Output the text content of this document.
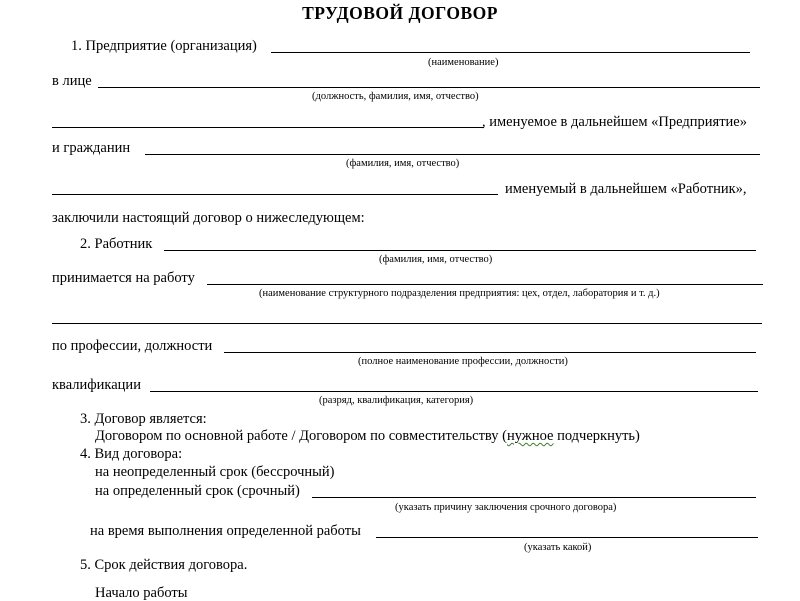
ТРУДОВОЙ ДОГОВОР
1. Предприятие (организация)
(наименование)
в лице
(должность, фамилия, имя, отчество)
, именуемое в дальнейшем «Предприятие»
и гражданин
(фамилия, имя, отчество)
именуемый в дальнейшем «Работник»,
заключили настоящий договор о нижеследующем:
2. Работник
(фамилия, имя, отчество)
принимается на работу
(наименование структурного подразделения предприятия: цех, отдел, лаборатория и т. д.)
по профессии, должности
(полное наименование профессии, должности)
квалификации
(разряд, квалификация, категория)
3. Договор является:
Договором по основной работе / Договором по совместительству (нужное подчеркнуть)
4. Вид договора:
на неопределенный срок (бессрочный)
на определенный срок (срочный)
(указать причину заключения срочного договора)
на время выполнения определенной работы
(указать какой)
5. Срок действия договора.
Начало работы
